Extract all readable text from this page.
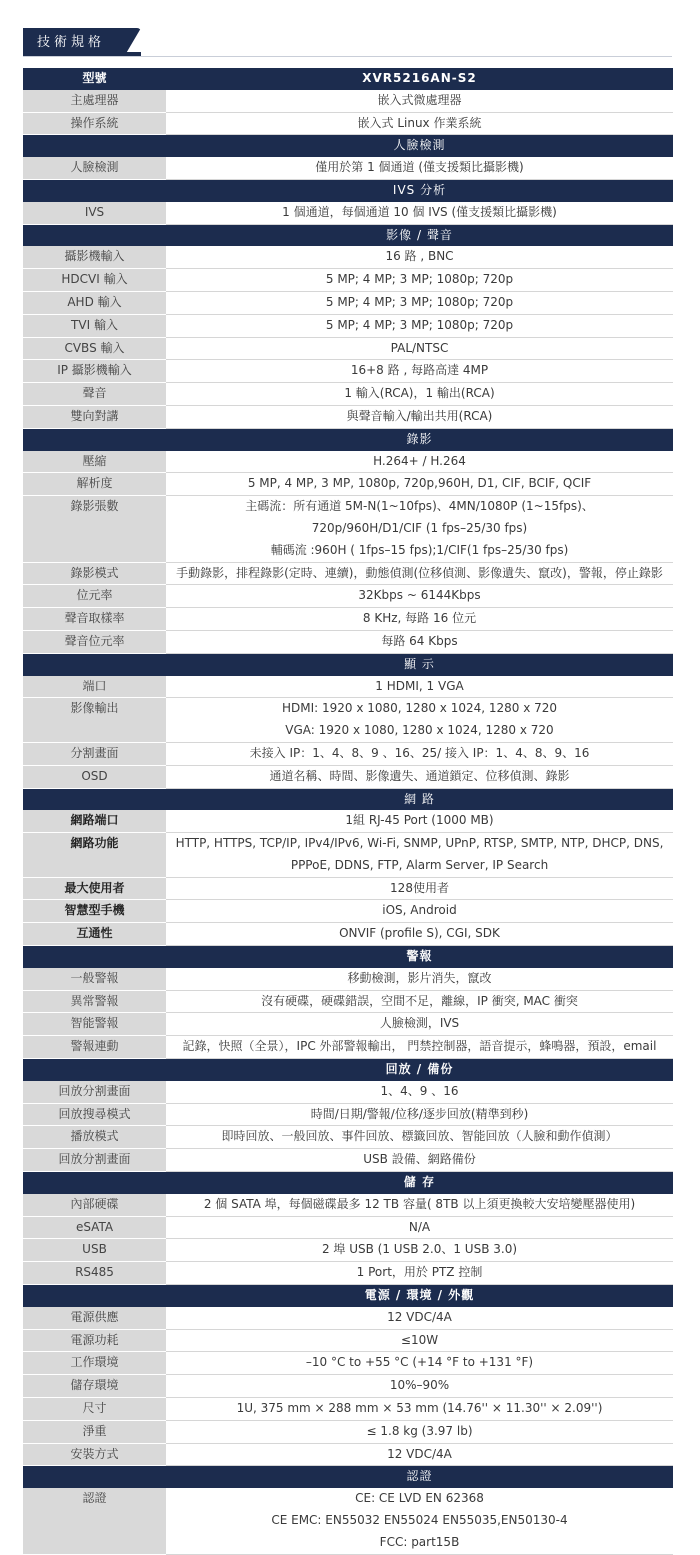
技術規格
型號	XVR5216AN-S2
主處理器	嵌入式微處理器
操作系統	嵌入式 Linux 作業系統
人臉檢測
人臉檢測	僅用於第 1 個通道 (僅支援類比攝影機)
IVS 分析
IVS	1 個通道，每個通道 10 個 IVS (僅支援類比攝影機)
影像 / 聲音
攝影機輸入	16 路 , BNC
HDCVI 輸入	5 MP; 4 MP; 3 MP; 1080p; 720p
AHD 輸入	5 MP; 4 MP; 3 MP; 1080p; 720p
TVI 輸入	5 MP; 4 MP; 3 MP; 1080p; 720p
CVBS 輸入	PAL/NTSC
IP 攝影機輸入	16+8 路 , 每路高達 4MP
聲音	1 輸入(RCA)，1 輸出(RCA)
雙向對講	與聲音輸入/輸出共用(RCA)
錄影
壓縮	H.264+ / H.264
解析度	5 MP, 4 MP, 3 MP, 1080p, 720p,960H, D1, CIF, BCIF, QCIF
錄影張數	主碼流：所有通道 5M-N(1~10fps)、4MN/1080P (1~15fps)、
720p/960H/D1/CIF (1 fps–25/30 fps)
輔碼流 :960H ( 1fps–15 fps);1/CIF(1 fps–25/30 fps)
錄影模式	手動錄影，排程錄影(定時、連續)，動態偵測(位移偵測、影像遺失、竄改)，警報，停止錄影
位元率	32Kbps ~ 6144Kbps
聲音取樣率	8 KHz, 每路 16 位元
聲音位元率	每路 64 Kbps
顯 示
端口	1 HDMI, 1 VGA
影像輸出	HDMI: 1920 x 1080, 1280 x 1024, 1280 x 720
VGA: 1920 x 1080, 1280 x 1024, 1280 x 720
分割畫面	未接入 IP：1、4、8、9 、16、25/ 接入 IP：1、4、8、9、16
OSD	通道名稱、時間、影像遺失、通道鎖定、位移偵測、錄影
網 路
網路端口	1組 RJ-45 Port (1000 MB)
網路功能	HTTP, HTTPS, TCP/IP, IPv4/IPv6, Wi-Fi, SNMP, UPnP, RTSP, SMTP, NTP, DHCP, DNS,
PPPoE, DDNS, FTP, Alarm Server, IP Search
最大使用者	128使用者
智慧型手機	iOS, Android
互通性	ONVIF (profile S), CGI, SDK
警報
一般警報	移動檢測，影片消失，竄改
異常警報	沒有硬碟，硬碟錯誤，空間不足，離線，IP 衝突, MAC 衝突
智能警報	人臉檢測，IVS
警報連動	記錄，快照（全景），IPC 外部警報輸出， 門禁控制器，語音提示，蜂鳴器，預設，email
回放 / 備份
回放分割畫面	1、4、9 、16
回放搜尋模式	時間/日期/警報/位移/逐步回放(精準到秒)
播放模式	即時回放、一般回放、事件回放、標籤回放、智能回放（人臉和動作偵測）
回放分割畫面	USB 設備、網路備份
儲 存
內部硬碟	2 個 SATA 埠，每個磁碟最多 12 TB 容量( 8TB 以上須更換較大安培變壓器使用)
eSATA	N/A
USB	2 埠 USB (1 USB 2.0、1 USB 3.0)
RS485	1 Port，用於 PTZ 控制
電源 / 環境 / 外觀
電源供應	12 VDC/4A
電源功耗	≤10W
工作環境	–10 °C to +55 °C (+14 °F to +131 °F)
儲存環境	10%–90%
尺寸	1U, 375 mm × 288 mm × 53 mm (14.76'' × 11.30'' × 2.09'')
淨重	≤ 1.8 kg (3.97 lb)
安裝方式	12 VDC/4A
認證
認證	CE: CE LVD EN 62368
CE EMC: EN55032 EN55024 EN55035,EN50130-4
FCC: part15B
